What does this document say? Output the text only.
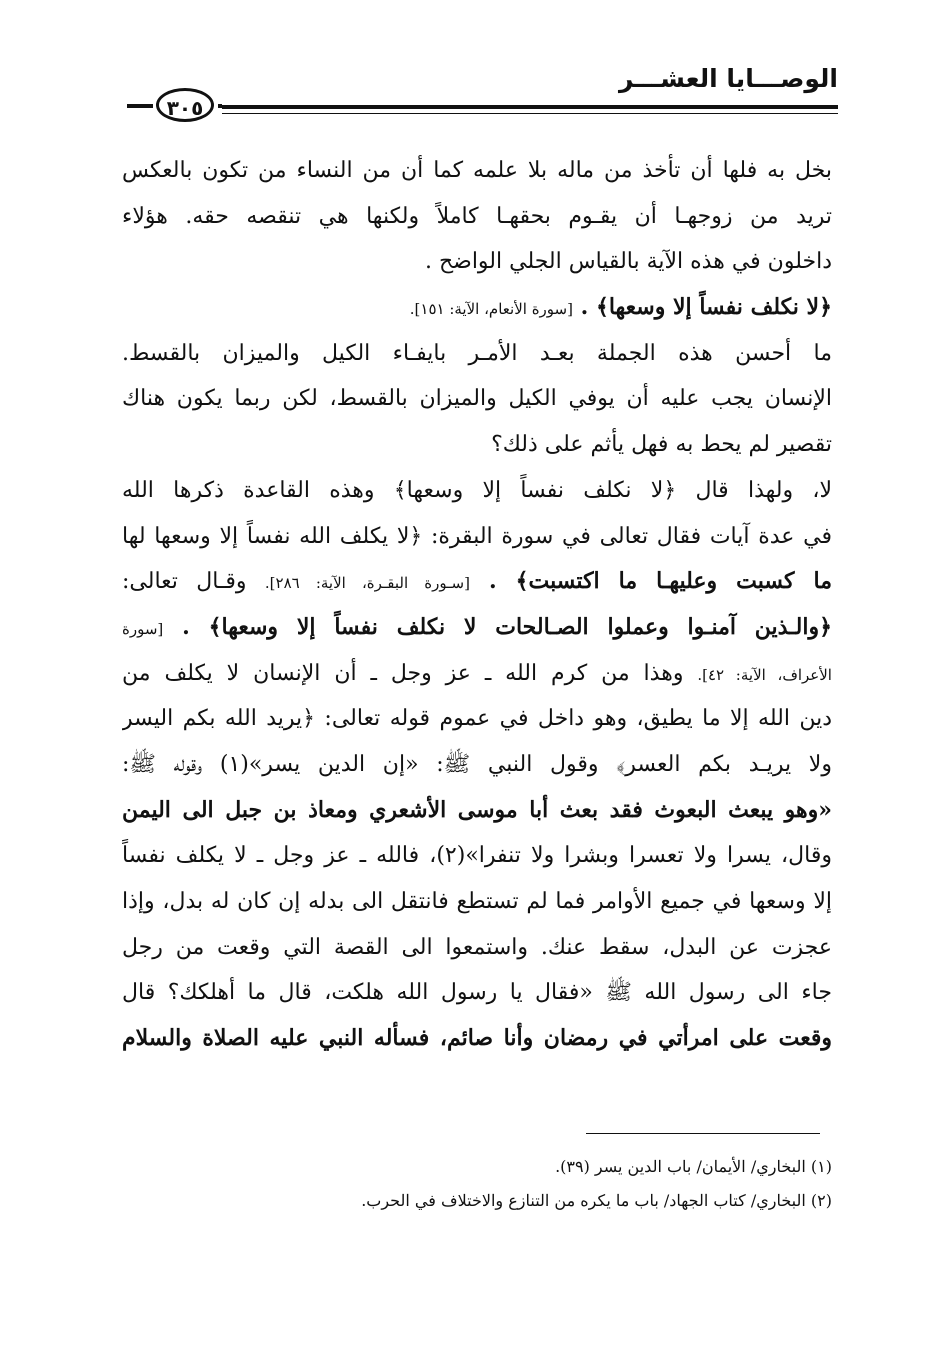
الوصـــايا العشـــر
٣٠٥
بخل به فلها أن تأخذ من ماله بلا علمه كما أن من النساء من تكون بالعكس
تريد من زوجهـا أن يقـوم بحقهـا كاملاً ولكنها هي تنقصه حقه. هؤلاء
داخلون في هذه الآية بالقياس الجلي الواضح .
﴿لا نكلف نفساً إلا وسعها﴾ . [سورة الأنعام، الآية: ١٥١].
ما أحسن هذه الجملة بعـد الأمـر بايفـاء الكيل والميزان بالقسط.
الإنسان يجب عليه أن يوفي الكيل والميزان بالقسط، لكن ربما يكون هناك
تقصير لم يحط به فهل يأثم على ذلك؟
لا، ولهذا قال ﴿لا نكلف نفساً إلا وسعها﴾ وهذه القاعدة ذكرها الله
في عدة آيات فقال تعالى في سورة البقرة: ﴿لا يكلف الله نفساً إلا وسعها لها
ما كسبت وعليهـا ما اكتسبت﴾ . [سـورة البقـرة، الآية: ٢٨٦]. وقـال تعالى:
﴿والـذين آمنـوا وعملوا الصـالحات لا نكلف نفساً إلا وسعها﴾ . [سورة
الأعراف، الآية: ٤٢]. وهذا من كرم الله ـ عز وجل ـ أن الإنسان لا يكلف من
دين الله إلا ما يطيق، وهو داخل في عموم قوله تعالى: ﴿يريد الله بكم اليسر
ولا يريـد بكم العسر﴾ وقول النبي ﷺ: «إن الدين يسر»(١) وقوله ﷺ:
«وهو يبعث البعوث فقد بعث أبا موسى الأشعري ومعاذ بن جبل الى اليمن
وقال، يسرا ولا تعسرا وبشرا ولا تنفرا»(٢)، فالله ـ عز وجل ـ لا يكلف نفساً
إلا وسعها في جميع الأوامر فما لم تستطع فانتقل الى بدله إن كان له بدل، وإذا
عجزت عن البدل، سقط عنك. واستمعوا الى القصة التي وقعت من رجل
جاء الى رسول الله ﷺ «فقال يا رسول الله هلكت، قال ما أهلكك؟ قال
وقعت على امرأتي في رمضان وأنا صائم، فسأله النبي عليه الصلاة والسلام
(١) البخاري/ الأيمان/ باب الدين يسر (٣٩).
(٢) البخاري/ كتاب الجهاد/ باب ما يكره من التنازع والاختلاف في الحرب.
